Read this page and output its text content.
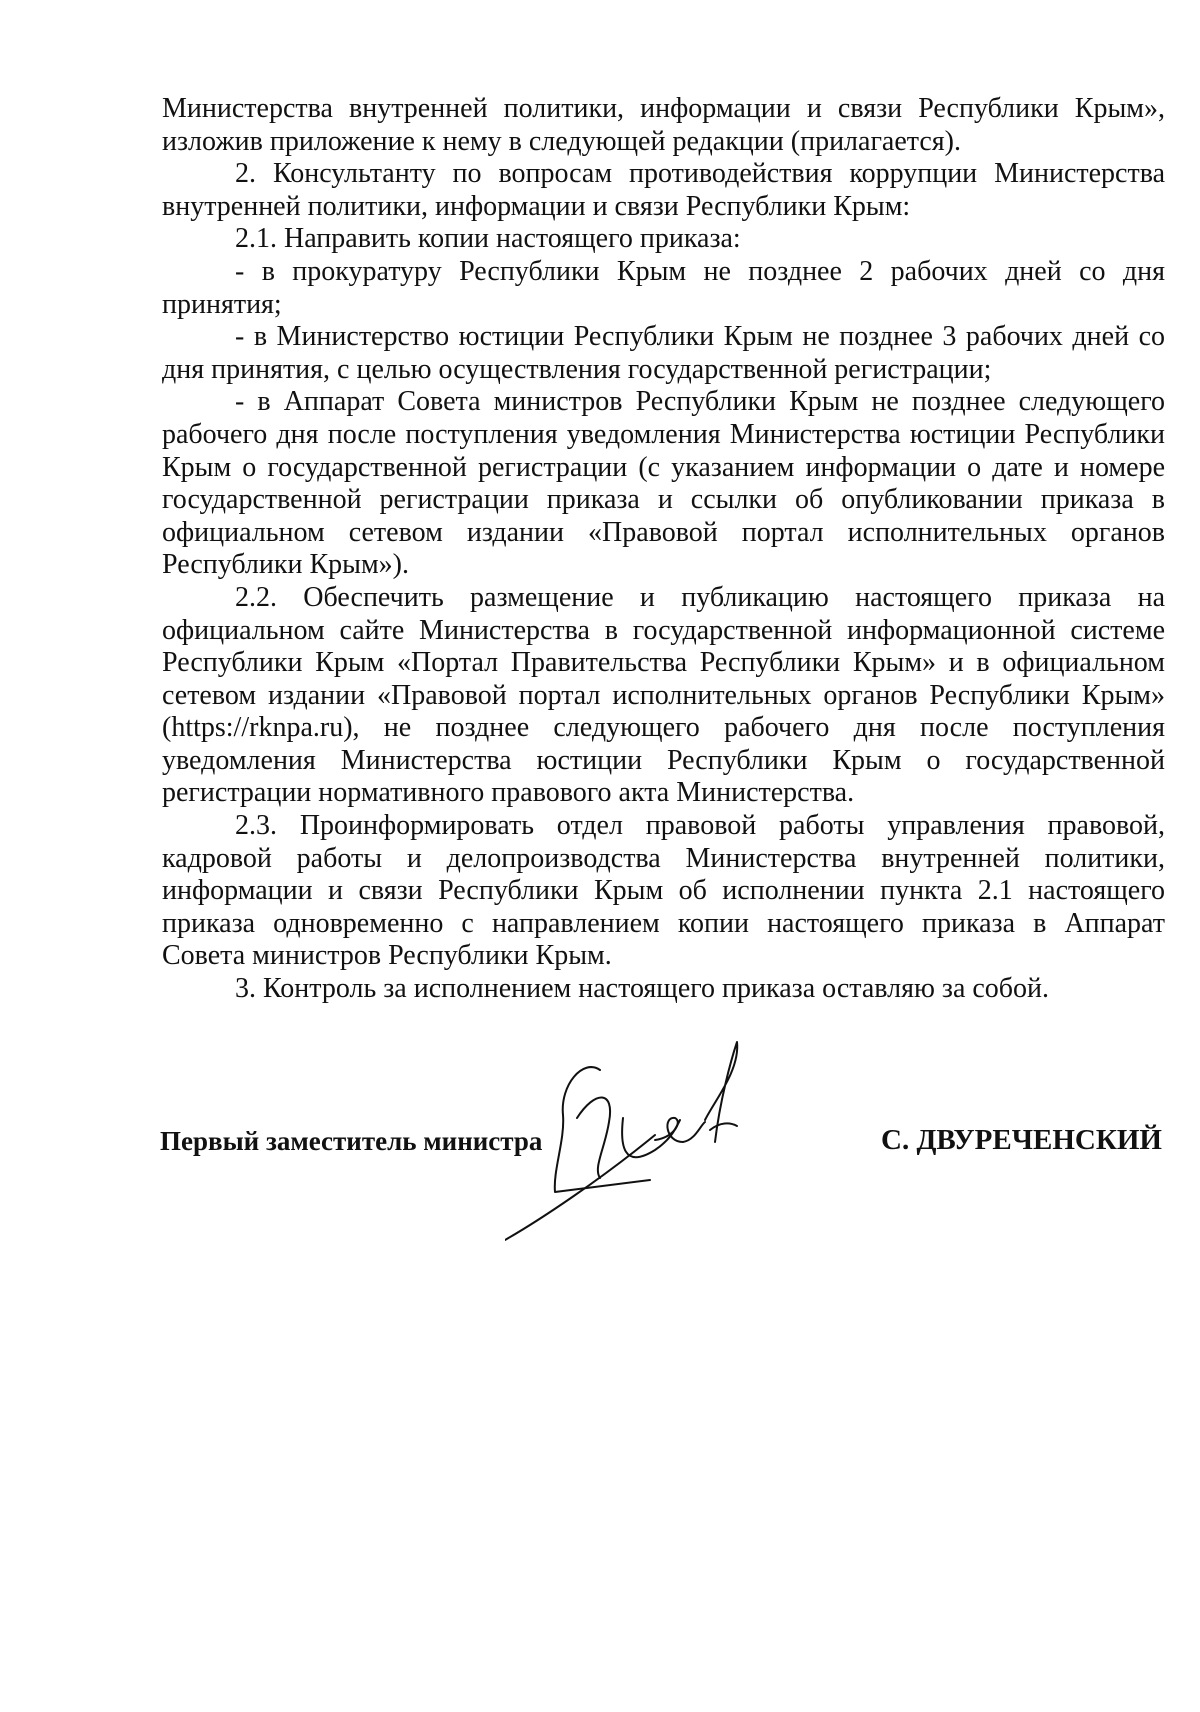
Министерства внутренней политики, информации и связи Республики Крым», изложив приложение к нему в следующей редакции (прилагается).

2. Консультанту по вопросам противодействия коррупции Министерства внутренней политики, информации и связи Республики Крым:

2.1. Направить копии настоящего приказа:

- в прокуратуру Республики Крым не позднее 2 рабочих дней со дня принятия;

- в Министерство юстиции Республики Крым не позднее 3 рабочих дней со дня принятия, с целью осуществления государственной регистрации;

- в Аппарат Совета министров Республики Крым не позднее следующего рабочего дня после поступления уведомления Министерства юстиции Республики Крым о государственной регистрации (с указанием информации о дате и номере государственной регистрации приказа и ссылки об опубликовании приказа в официальном сетевом издании «Правовой портал исполнительных органов Республики Крым»).

2.2. Обеспечить размещение и публикацию настоящего приказа на официальном сайте Министерства в государственной информационной системе Республики Крым «Портал Правительства Республики Крым» и в официальном сетевом издании «Правовой портал исполнительных органов Республики Крым» (https://rknpa.ru), не позднее следующего рабочего дня после поступления уведомления Министерства юстиции Республики Крым о государственной регистрации нормативного правового акта Министерства.

2.3. Проинформировать отдел правовой работы управления правовой, кадровой работы и делопроизводства Министерства внутренней политики, информации и связи Республики Крым об исполнении пункта 2.1 настоящего приказа одновременно с направлением копии настоящего приказа в Аппарат Совета министров Республики Крым.

3. Контроль за исполнением настоящего приказа оставляю за собой.

Первый заместитель министра	С. ДВУРЕЧЕНСКИЙ
